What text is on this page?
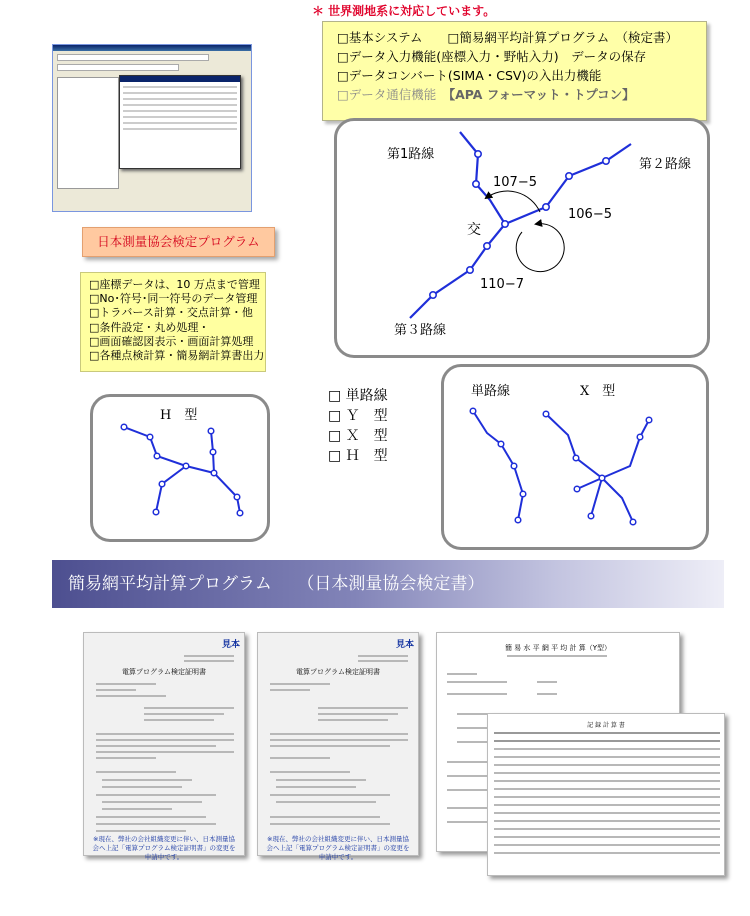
＊ 世界測地系に対応しています。
□基本システム　　□簡易網平均計算プログラム　（検定書）
□データ入力機能(座標入力・野帖入力)　データの保存
□データコンバート(SIMA・CSV)の入出力機能
□データ通信機能　【APA フォーマット・トプコン】
日本測量協会検定プログラム
□座標データは、10 万点まで管理
□No･符号･同一符号のデータ管理
□トラバース計算・交点計算・他
□条件設定・丸め処理・
□画面確認図表示・画面計算処理
□各種点検計算・簡易網計算書出力
第1路線
第２路線
第３路線
交
107−5
106−5
110−7
H　型
□ 単路線
□ Ｙ　型
□ Ｘ　型
□ Ｈ　型
単路線	X　型
簡易網平均計算プログラム　　（日本測量協会検定書）
見本
電算プログラム検定証明書
※現在、弊社の会社組織変更に伴い、日本測量協会へ上記「電算プログラム検定証明書」の変更を申請中です。
見本
電算プログラム検定証明書
※現在、弊社の会社組織変更に伴い、日本測量協会へ上記「電算プログラム検定証明書」の変更を申請中です。
簡 易 水 平 網 平 均 計 算（Y型）
記 録 計 算 書
